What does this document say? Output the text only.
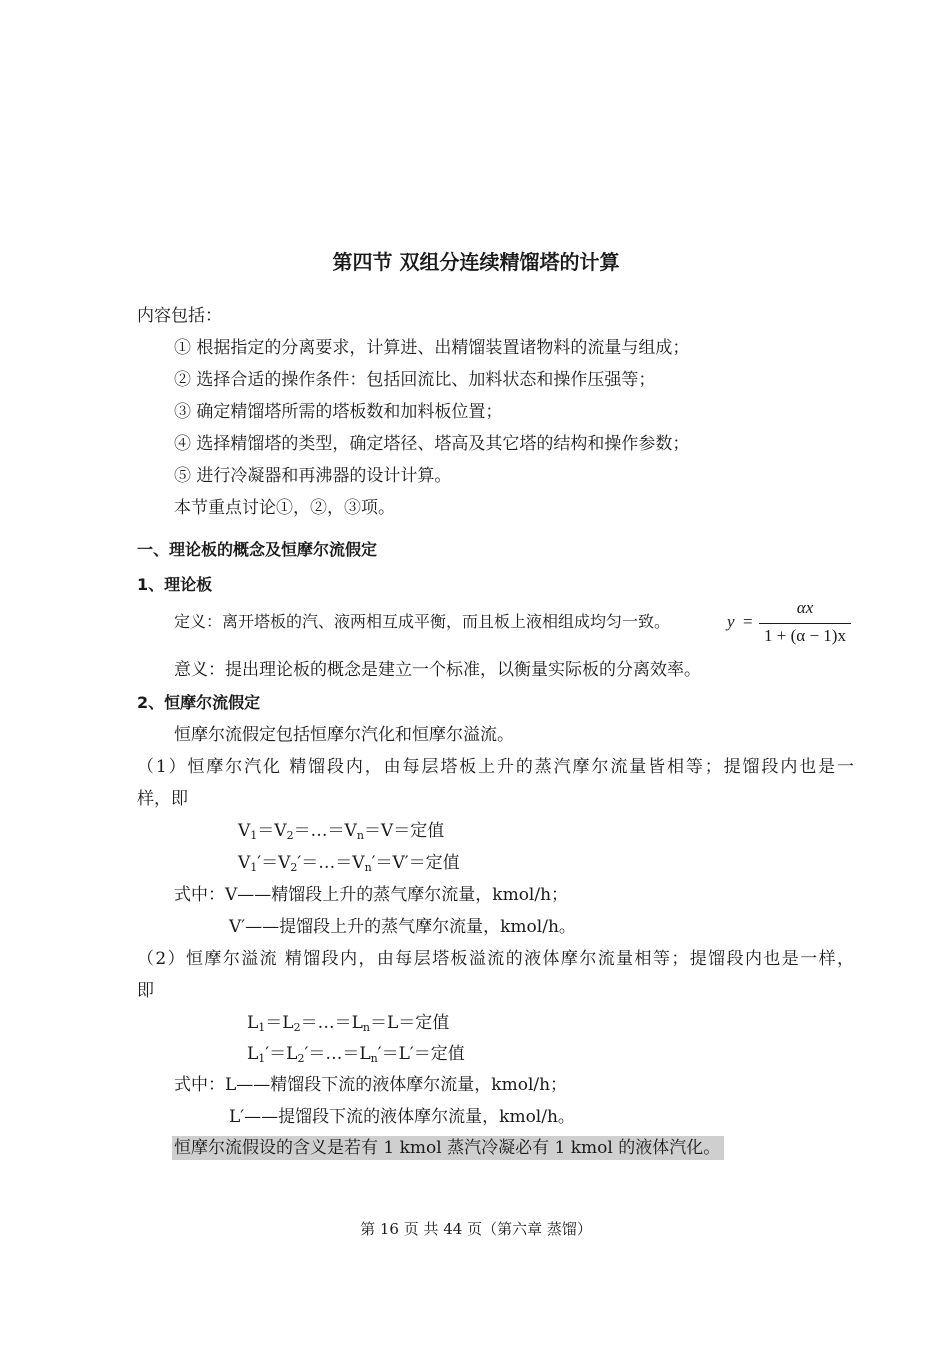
第四节 双组分连续精馏塔的计算
内容包括：
① 根据指定的分离要求，计算进、出精馏装置诸物料的流量与组成；
② 选择合适的操作条件：包括回流比、加料状态和操作压强等；
③ 确定精馏塔所需的塔板数和加料板位置；
④ 选择精馏塔的类型，确定塔径、塔高及其它塔的结构和操作参数；
⑤ 进行冷凝器和再沸器的设计计算。
本节重点讨论①，②，③项。
一、理论板的概念及恒摩尔流假定
1、理论板
定义：离开塔板的汽、液两相互成平衡，而且板上液相组成均匀一致。	y =
αx
1 + (α − 1)x
意义：提出理论板的概念是建立一个标准，以衡量实际板的分离效率。
2、恒摩尔流假定
恒摩尔流假定包括恒摩尔汽化和恒摩尔溢流。
（1）恒摩尔汽化 精馏段内，由每层塔板上升的蒸汽摩尔流量皆相等；提馏段内也是一
样，即
$V_1=V_2=\dots=V_n=V=$定值
$V_1'=V_2'=\dots=V_n'=V'=$定值
式中：V——精馏段上升的蒸气摩尔流量，kmol/h；
V′——提馏段上升的蒸气摩尔流量，kmol/h。
（2）恒摩尔溢流 精馏段内，由每层塔板溢流的液体摩尔流量相等；提馏段内也是一样，
即
$L_1=L_2=\dots=L_n=L=$定值
$L_1'=L_2'=\dots=L_n'=L'=$定值
式中：L——精馏段下流的液体摩尔流量，kmol/h；
L′——提馏段下流的液体摩尔流量，kmol/h。
恒摩尔流假设的含义是若有 1 kmol 蒸汽冷凝必有 1 kmol 的液体汽化。
第 16 页 共 44 页（第六章 蒸馏）
